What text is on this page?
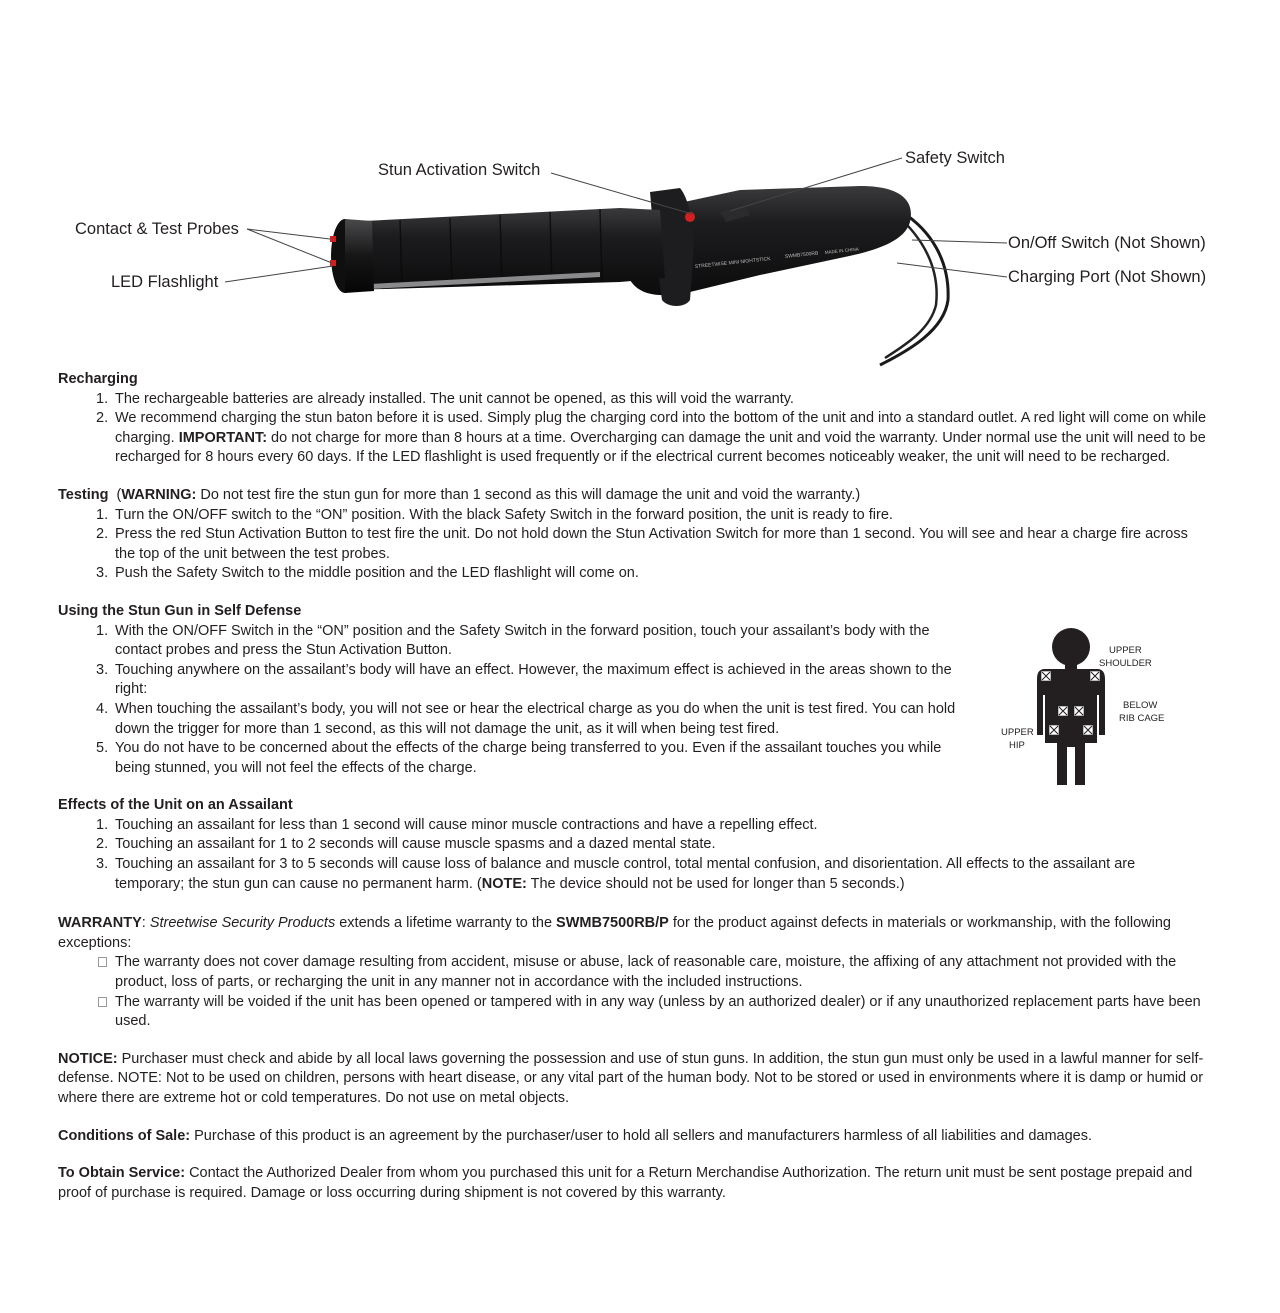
STREETWISE MINI NIGHTSTICK
SWMB7500RB MADE IN CHINA
Stun Activation Switch
Safety Switch
Contact & Test Probes
LED Flashlight
On/Off Switch (Not Shown)
Charging Port (Not Shown)
Recharging
1. The rechargeable batteries are already installed. The unit cannot be opened, as this will void the warranty.
2. We recommend charging the stun baton before it is used. Simply plug the charging cord into the bottom of the unit and into a standard outlet. A red light will come on while charging. IMPORTANT: do not charge for more than 8 hours at a time. Overcharging can damage the unit and void the warranty. Under normal use the unit will need to be recharged for 8 hours every 60 days. If the LED flashlight is used frequently or if the electrical current becomes noticeably weaker, the unit will need to be recharged.
Testing (WARNING: Do not test fire the stun gun for more than 1 second as this will damage the unit and void the warranty.)
1. Turn the ON/OFF switch to the “ON” position. With the black Safety Switch in the forward position, the unit is ready to fire.
2. Press the red Stun Activation Button to test fire the unit. Do not hold down the Stun Activation Switch for more than 1 second. You will see and hear a charge fire across the top of the unit between the test probes.
3. Push the Safety Switch to the middle position and the LED flashlight will come on.
Using the Stun Gun in Self Defense
1. With the ON/OFF Switch in the “ON” position and the Safety Switch in the forward position, touch your assailant’s body with the contact probes and press the Stun Activation Button.
3. Touching anywhere on the assailant’s body will have an effect. However, the maximum effect is achieved in the areas shown to the right:
4. When touching the assailant’s body, you will not see or hear the electrical charge as you do when the unit is test fired. You can hold down the trigger for more than 1 second, as this will not damage the unit, as it will when being test fired.
5. You do not have to be concerned about the effects of the charge being transferred to you. Even if the assailant touches you while being stunned, you will not feel the effects of the charge.
Effects of the Unit on an Assailant
1. Touching an assailant for less than 1 second will cause minor muscle contractions and have a repelling effect.
2. Touching an assailant for 1 to 2 seconds will cause muscle spasms and a dazed mental state.
3. Touching an assailant for 3 to 5 seconds will cause loss of balance and muscle control, total mental confusion, and disorientation. All effects to the assailant are temporary; the stun gun can cause no permanent harm. (NOTE: The device should not be used for longer than 5 seconds.)
WARRANTY: Streetwise Security Products extends a lifetime warranty to the SWMB7500RB/P for the product against defects in materials or workmanship, with the following exceptions:
The warranty does not cover damage resulting from accident, misuse or abuse, lack of reasonable care, moisture, the affixing of any attachment not provided with the product, loss of parts, or recharging the unit in any manner not in accordance with the included instructions.
The warranty will be voided if the unit has been opened or tampered with in any way (unless by an authorized dealer) or if any unauthorized replacement parts have been used.
NOTICE: Purchaser must check and abide by all local laws governing the possession and use of stun guns. In addition, the stun gun must only be used in a lawful manner for self-defense. NOTE: Not to be used on children, persons with heart disease, or any vital part of the human body. Not to be stored or used in environments where it is damp or humid or where there are extreme hot or cold temperatures. Do not use on metal objects.
Conditions of Sale: Purchase of this product is an agreement by the purchaser/user to hold all sellers and manufacturers harmless of all liabilities and damages.
To Obtain Service: Contact the Authorized Dealer from whom you purchased this unit for a Return Merchandise Authorization. The return unit must be sent postage prepaid and proof of purchase is required. Damage or loss occurring during shipment is not covered by this warranty.
UPPER
SHOULDER
BELOW
RIB CAGE
UPPER
HIP
